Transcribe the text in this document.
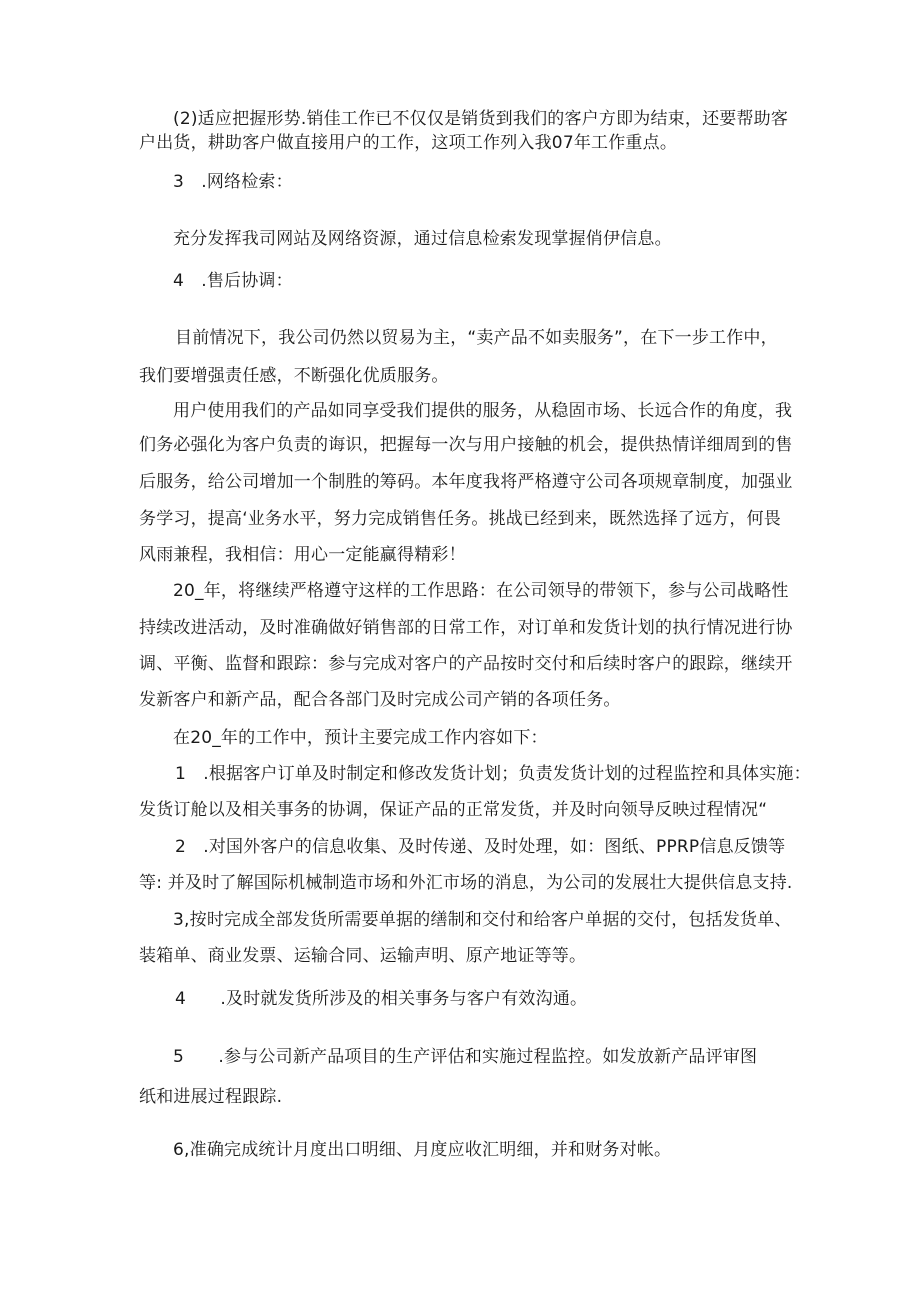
(2)适应把握形势.销佳工作已不仅仅是销货到我们的客户方即为结束，还要帮助客
户出货，耕助客户做直接用户的工作，这项工作列入我07年工作重点。
3　.网络检索：
充分发挥我司网站及网络资源，通过信息检索发现掌握俏伊信息。
4　.售后协调：
目前情况下，我公司仍然以贸易为主，“卖产品不如卖服务”，在下一步工作中，
我们要增强责任感，不断强化优质服务。
用户使用我们的产品如同享受我们提供的服务，从稳固市场、长远合作的角度，我
们务必强化为客户负责的诲识，把握每一次与用户接触的机会，提供热情详细周到的售
后服务，给公司增加一个制胜的筹码。本年度我将严格遵守公司各项规章制度，加强业
务学习，提高‘业务水平，努力完成销售任务。挑战已经到来，既然选择了远方，何畏
风雨兼程，我相信：用心一定能赢得精彩！
20_年，将继续严格遵守这样的工作思路：在公司领导的带领下，参与公司战略性
持续改进活动，及时准确做好销售部的日常工作，对订单和发货计划的执行情况进行协
调、平衡、监督和跟踪：参与完成对客户的产品按时交付和后续时客户的跟踪，继续开
发新客户和新产品，配合各部门及时完成公司产销的各项任务。
在20_年的工作中，预计主要完成工作内容如下：
1　.根据客户订单及时制定和修改发货计划；负责发货计划的过程监控和具体实施：
发货订舱以及相关事务的协调，保证产品的正常发货，并及时向领导反映过程情况“
2　.对国外客户的信息收集、及时传递、及时处理，如：图纸、PPRP信息反馈等
等: 并及时了解国际机械制造市场和外汇市场的消息，为公司的发展壮大提供信息支持.
3,按时完成全部发货所需要单据的缮制和交付和给客户单据的交付，包括发货单、
装箱单、商业发票、运输合同、运输声明、原产地证等等。
4　　.及时就发货所涉及的相关事务与客户有效沟通。
5　　.参与公司新产品项目的生产评估和实施过程监控。如发放新产品评审图
纸和进展过程跟踪.
6,准确完成统计月度出口明细、月度应收汇明细，并和财务对帐。
